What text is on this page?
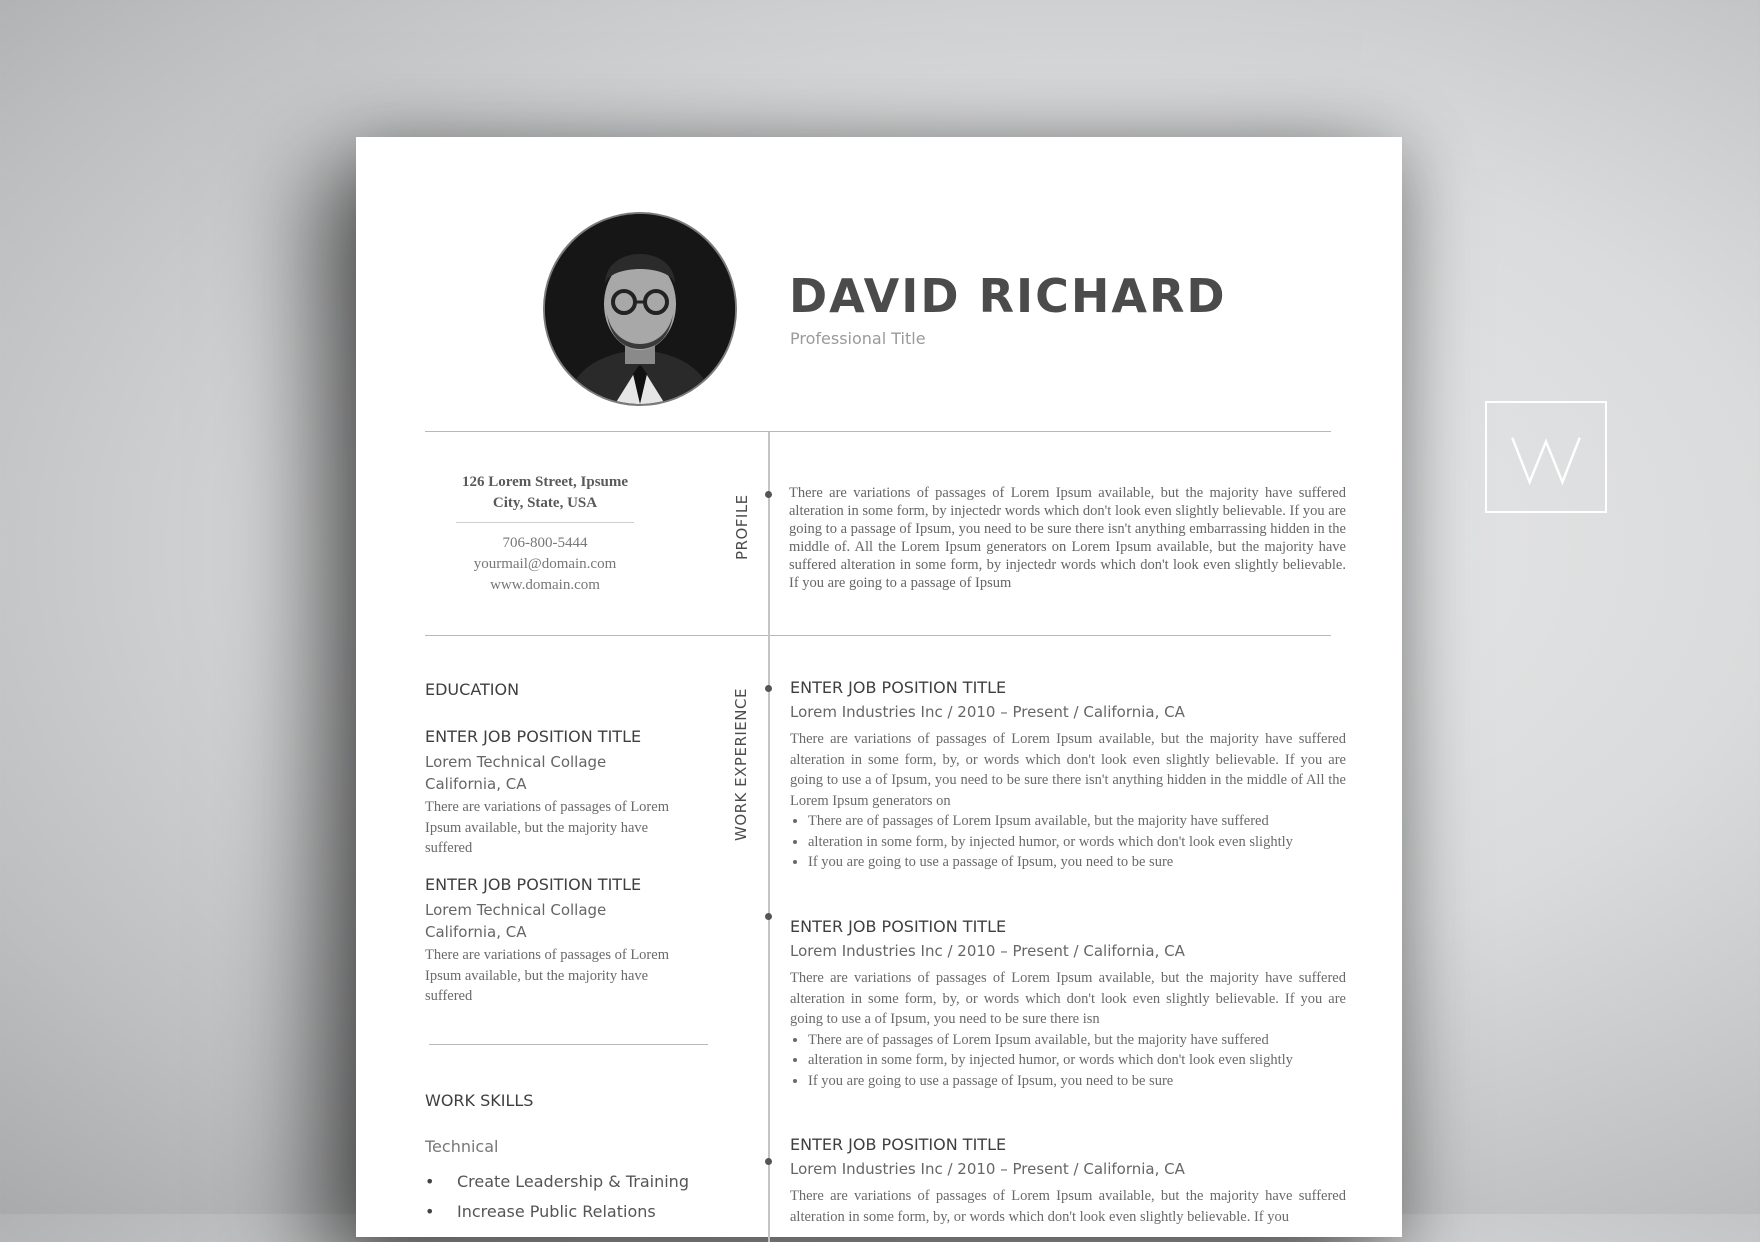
DAVID RICHARD
Professional Title
126 Lorem Street, Ipsume
City, State, USA
706-800-5444
yourmail@domain.com
www.domain.com
PROFILE
There are variations of passages of Lorem Ipsum available, but the majority have suffered alteration in some form, by injectedr words which don't look even slightly believable. If you are going to a passage of Ipsum, you need to be sure there isn't anything embarrassing hidden in the middle of. All the Lorem Ipsum generators on Lorem Ipsum available, but the majority have suffered alteration in some form, by injectedr words which don't look even slightly believable. If you are going to a passage of Ipsum
EDUCATION
ENTER JOB POSITION TITLE
Lorem Technical Collage
California, CA
There are variations of passages of Lorem Ipsum available, but the majority have suffered
ENTER JOB POSITION TITLE
Lorem Technical Collage
California, CA
There are variations of passages of Lorem Ipsum available, but the majority have suffered
WORK SKILLS
Technical
• Create Leadership & Training
• Increase Public Relations
WORK EXPERIENCE
ENTER JOB POSITION TITLE
Lorem Industries Inc / 2010 – Present / California, CA
There are variations of passages of Lorem Ipsum available, but the majority have suffered alteration in some form, by, or words which don't look even slightly believable. If you are going to use a of Ipsum, you need to be sure there isn't anything hidden in the middle of All the Lorem Ipsum generators on
• There are of passages of Lorem Ipsum available, but the majority have suffered
• alteration in some form, by injected humor, or words which don't look even slightly
• If you are going to use a passage of Ipsum, you need to be sure
ENTER JOB POSITION TITLE
Lorem Industries Inc / 2010 – Present / California, CA
There are variations of passages of Lorem Ipsum available, but the majority have suffered alteration in some form, by, or words which don't look even slightly believable. If you are going to use a of Ipsum, you need to be sure there isn
• There are of passages of Lorem Ipsum available, but the majority have suffered
• alteration in some form, by injected humor, or words which don't look even slightly
• If you are going to use a passage of Ipsum, you need to be sure
ENTER JOB POSITION TITLE
Lorem Industries Inc / 2010 – Present / California, CA
There are variations of passages of Lorem Ipsum available, but the majority have suffered alteration in some form, by, or words which don't look even slightly believable. If you
